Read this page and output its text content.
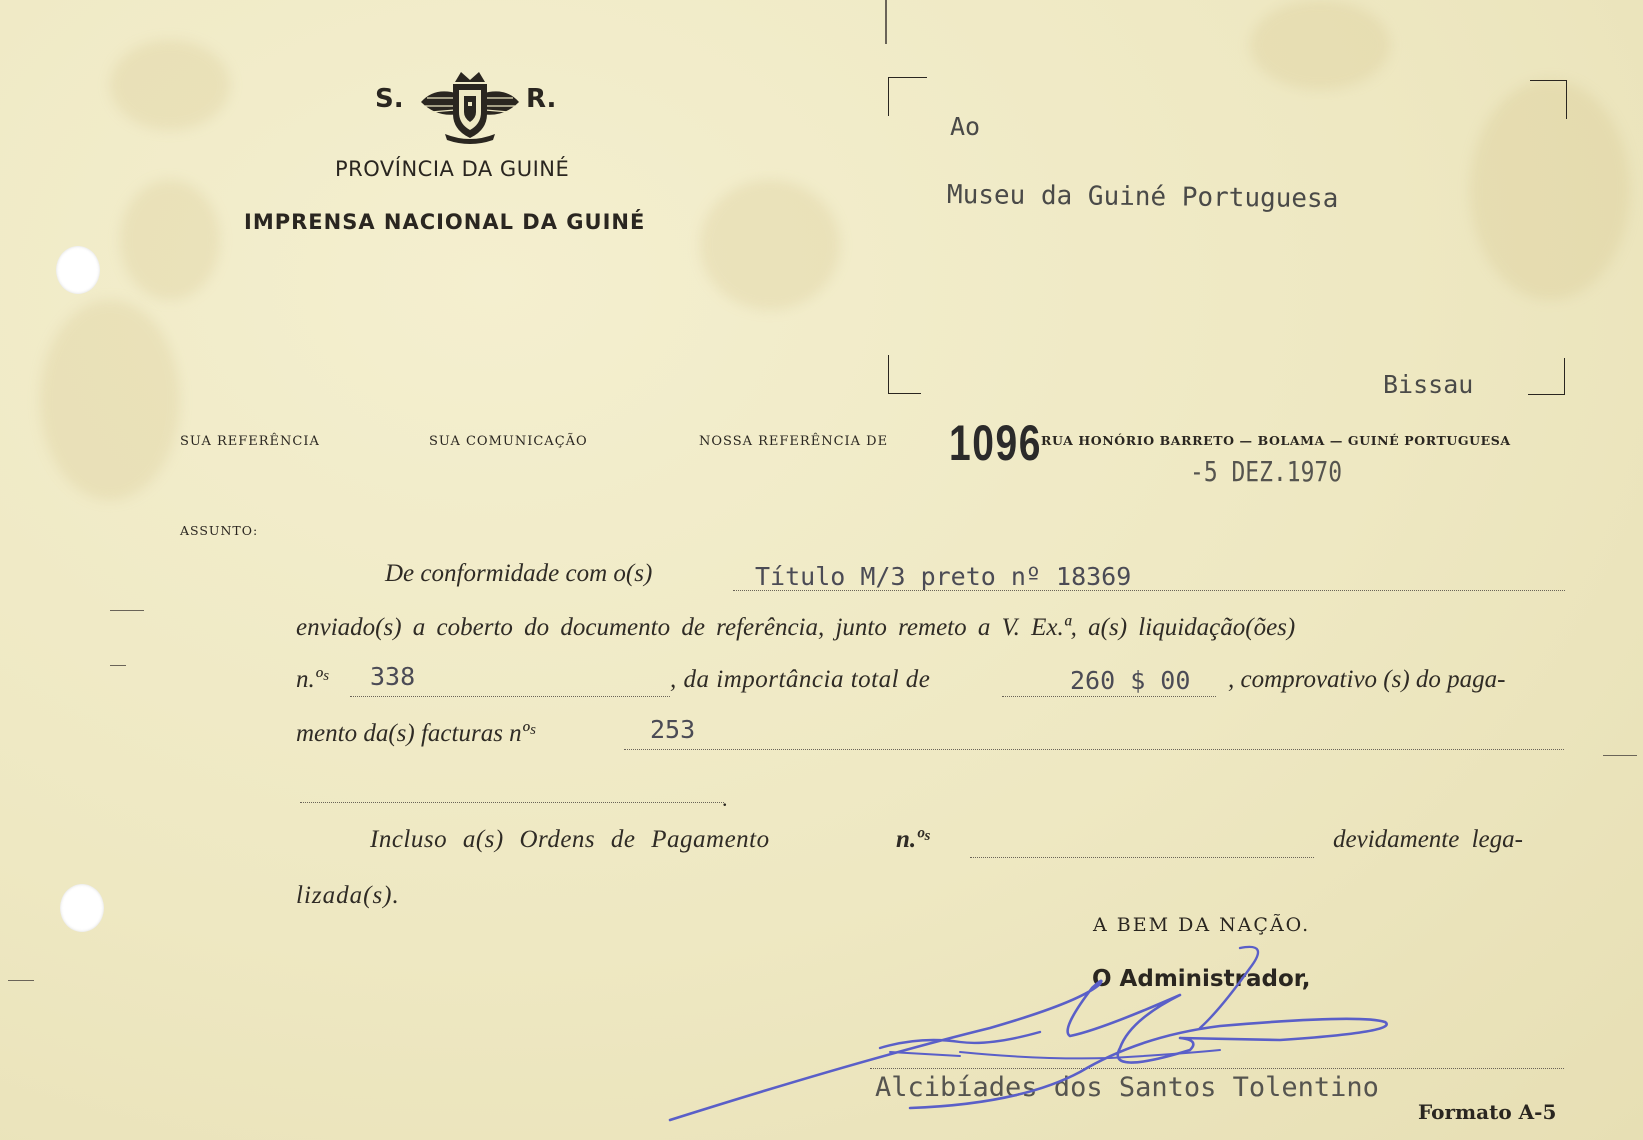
S.	R.
PROVÍNCIA DA GUINÉ
IMPRENSA NACIONAL DA GUINÉ
Ao
Museu da Guiné Portuguesa
Bissau
SUA REFERÊNCIA	SUA COMUNICAÇÃO	NOSSA REFERÊNCIA DE 1096
RUA HONÓRIO BARRETO — BOLAMA — GUINÉ PORTUGUESA
-5 DEZ.1970
ASSUNTO:
De conformidade com o(s)	Título M/3 preto nº 18369
enviado(s) a coberto do documento de referência, junto remeto a V. Ex.ª, a(s) liquidação(ões)
n.ºˢ 338	, da importância total de	260 $ 00 , comprovativo (s) do paga-
mento da(s) facturas nºˢ	253
.
Incluso a(s) Ordens de Pagamento	n.ºˢ	devidamente lega-
lizada(s).
A BEM DA NAÇÃO.
O Administrador,
Alcibíades dos Santos Tolentino
Formato A-5
